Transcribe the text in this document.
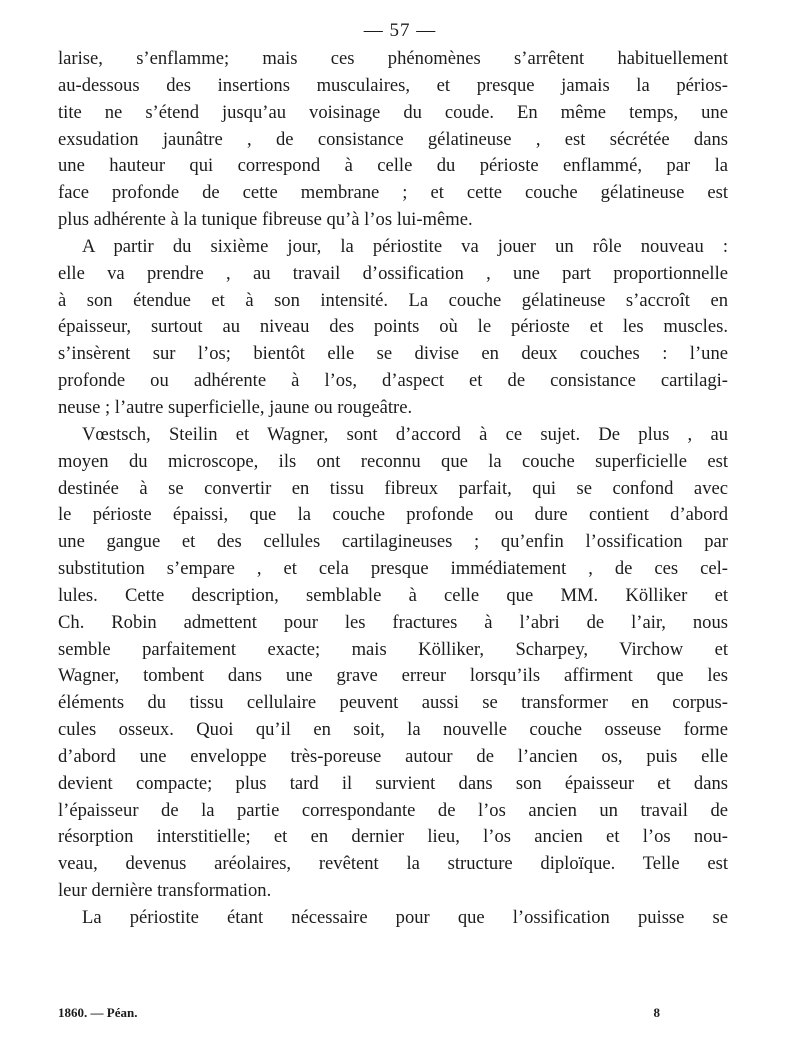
— 57 —
larise, s’enflamme; mais ces phénomènes s’arrêtent habituellement
au-dessous des insertions musculaires, et presque jamais la périos-
tite ne s’étend jusqu’au voisinage du coude. En même temps, une
exsudation jaunâtre , de consistance gélatineuse , est sécrétée dans
une hauteur qui correspond à celle du périoste enflammé, par la
face profonde de cette membrane ; et cette couche gélatineuse est
plus adhérente à la tunique fibreuse qu’à l’os lui-même.
A partir du sixième jour, la périostite va jouer un rôle nouveau :
elle va prendre , au travail d’ossification , une part proportionnelle
à son étendue et à son intensité. La couche gélatineuse s’accroît en
épaisseur, surtout au niveau des points où le périoste et les muscles.
s’insèrent sur l’os; bientôt elle se divise en deux couches : l’une
profonde ou adhérente à l’os, d’aspect et de consistance cartilagi-
neuse ; l’autre superficielle, jaune ou rougeâtre.
Vœstsch, Steilin et Wagner, sont d’accord à ce sujet. De plus , au
moyen du microscope, ils ont reconnu que la couche superficielle est
destinée à se convertir en tissu fibreux parfait, qui se confond avec
le périoste épaissi, que la couche profonde ou dure contient d’abord
une gangue et des cellules cartilagineuses ; qu’enfin l’ossification par
substitution s’empare , et cela presque immédiatement , de ces cel-
lules. Cette description, semblable à celle que MM. Kölliker et
Ch. Robin admettent pour les fractures à l’abri de l’air, nous
semble parfaitement exacte; mais Kölliker, Scharpey, Virchow et
Wagner, tombent dans une grave erreur lorsqu’ils affirment que les
éléments du tissu cellulaire peuvent aussi se transformer en corpus-
cules osseux. Quoi qu’il en soit, la nouvelle couche osseuse forme
d’abord une enveloppe très-poreuse autour de l’ancien os, puis elle
devient compacte; plus tard il survient dans son épaisseur et dans
l’épaisseur de la partie correspondante de l’os ancien un travail de
résorption interstitielle; et en dernier lieu, l’os ancien et l’os nou-
veau, devenus aréolaires, revêtent la structure diploïque. Telle est
leur dernière transformation.
La périostite étant nécessaire pour que l’ossification puisse se
1860. — Péan.	8
